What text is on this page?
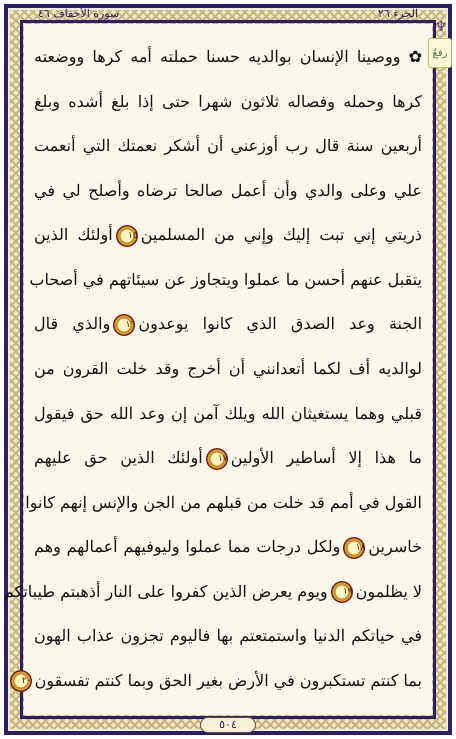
الجزء ٢٦
سورة الأحقاف ٤٦
♆
رفعٌ
✿ ووصينا الإنسان بوالديه حسنا حملته أمه كرها ووضعته
كرها وحمله وفصاله ثلاثون شهرا حتى إذا بلغ أشده وبلغ
أربعين سنة قال رب أوزعني أن أشكر نعمتك التي أنعمت
علي وعلى والدي وأن أعمل صالحا ترضاه وأصلح لي في
ذريتي إني تبت إليك وإني من المسلمين١٥أولئك الذين
يتقبل عنهم أحسن ما عملوا ويتجاوز عن سيئاتهم في أصحاب
الجنة وعد الصدق الذي كانوا يوعدون١٦والذي قال
لوالديه أف لكما أتعدانني أن أخرج وقد خلت القرون من
قبلي وهما يستغيثان الله ويلك آمن إن وعد الله حق فيقول
ما هذا إلا أساطير الأولين١٧أولئك الذين حق عليهم
القول في أمم قد خلت من قبلهم من الجن والإنس إنهم كانوا
خاسرين١٨ولكل درجات مما عملوا وليوفيهم أعمالهم وهم
لا يظلمون١٩ويوم يعرض الذين كفروا على النار أذهبتم طيباتكم
في حياتكم الدنيا واستمتعتم بها فاليوم تجزون عذاب الهون
بما كنتم تستكبرون في الأرض بغير الحق وبما كنتم تفسقون٢٠
٥٠٤
